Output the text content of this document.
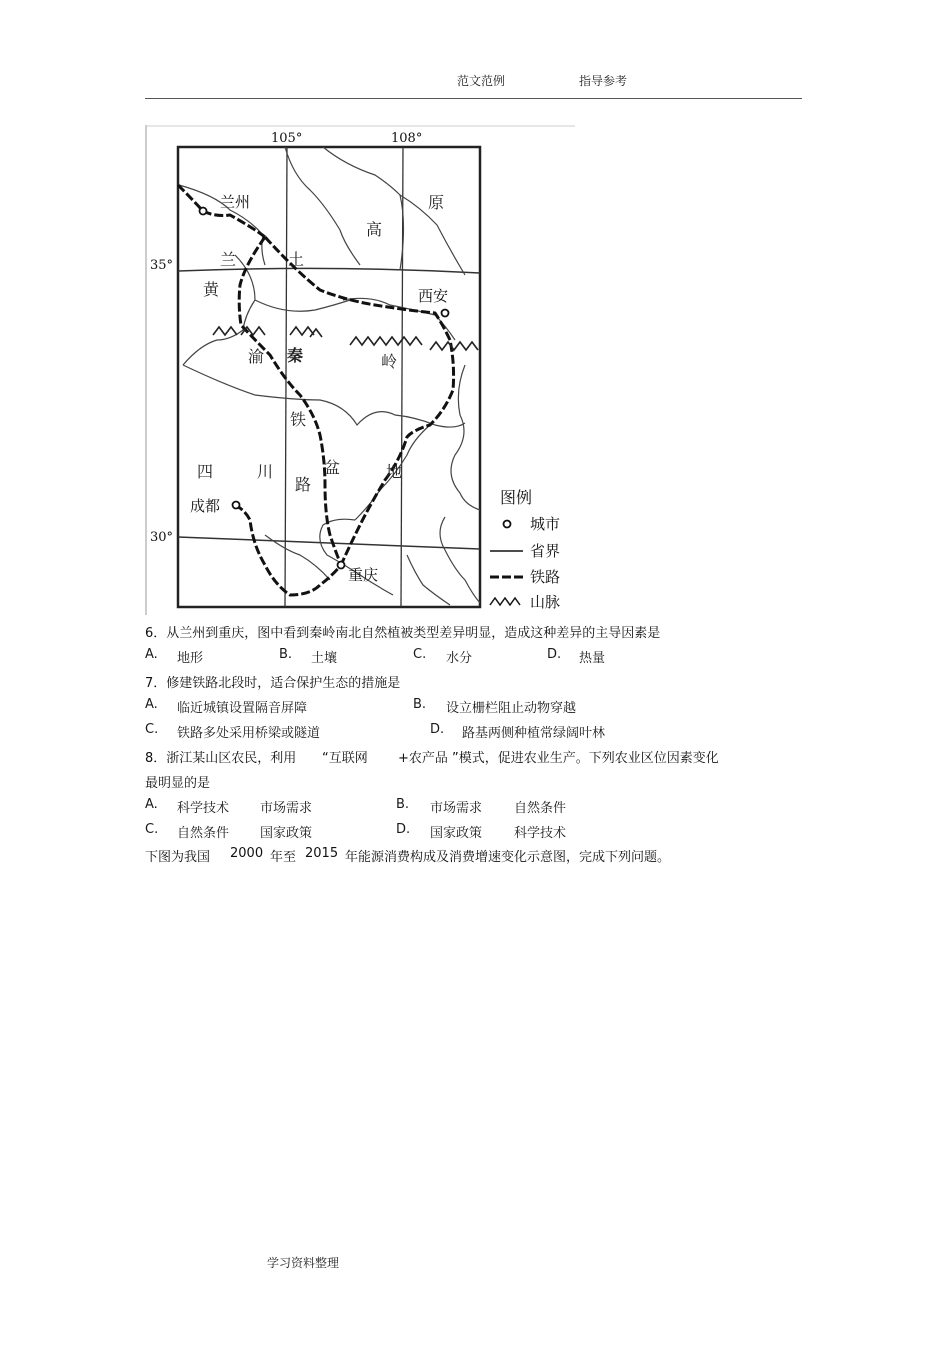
范文范例	指导参考
105°	108°
35°
30°
兰州
西安
成都
重庆
高
原
兰	土
黄
渝 秦	岭
铁
四	川
路
盆	地
图例
城市
省界
铁路
山脉
6．从兰州到重庆，图中看到秦岭南北自然植被类型差异明显，造成这种差异的主导因素是
A. 地形	B. 土壤	C. 水分	D. 热量
7．修建铁路北段时，适合保护生态的措施是
A. 临近城镇设置隔音屏障	B. 设立栅栏阻止动物穿越
C. 铁路多处采用桥梁或隧道	D. 路基两侧种植常绿阔叶林
8．浙江某山区农民，利用 “互联网 +农产品 ”模式，促进农业生产。下列农业区位因素变化
最明显的是
A. 科学技术 市场需求	B. 市场需求 自然条件
C. 自然条件 国家政策	D. 国家政策 科学技术
下图为我国 2000 年至 2015 年能源消费构成及消费增速变化示意图，完成下列问题。
学习资料整理
